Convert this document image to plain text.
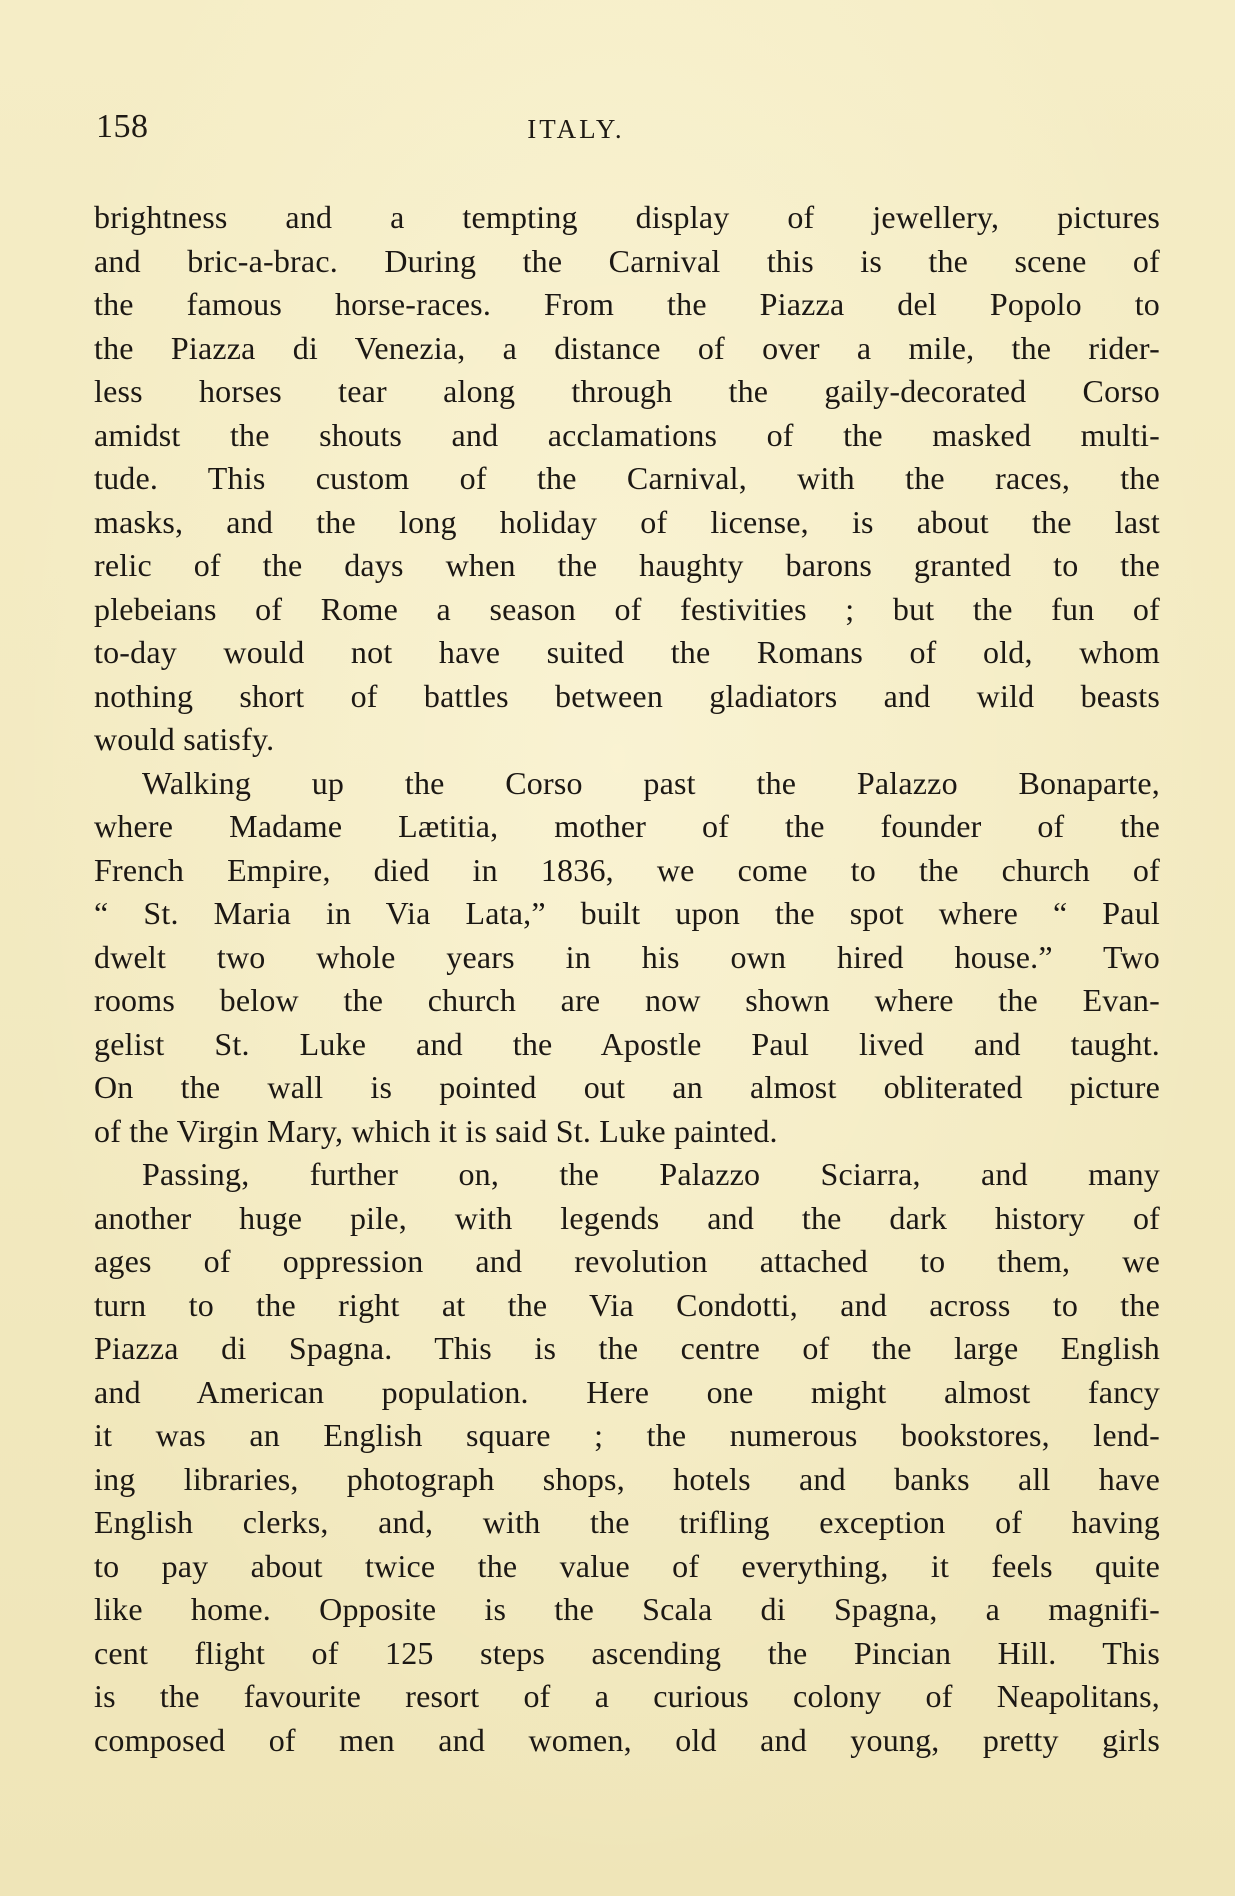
158	ITALY.
brightness and a tempting display of jewellery, pictures
and bric-a-brac. During the Carnival this is the scene of
the famous horse-races. From the Piazza del Popolo to
the Piazza di Venezia, a distance of over a mile, the rider-
less horses tear along through the gaily-decorated Corso
amidst the shouts and acclamations of the masked multi-
tude. This custom of the Carnival, with the races, the
masks, and the long holiday of license, is about the last
relic of the days when the haughty barons granted to the
plebeians of Rome a season of festivities ; but the fun of
to-day would not have suited the Romans of old, whom
nothing short of battles between gladiators and wild beasts
would satisfy.
Walking up the Corso past the Palazzo Bonaparte,
where Madame Lætitia, mother of the founder of the
French Empire, died in 1836, we come to the church of
“ St. Maria in Via Lata,” built upon the spot where “ Paul
dwelt two whole years in his own hired house.” Two
rooms below the church are now shown where the Evan-
gelist St. Luke and the Apostle Paul lived and taught.
On the wall is pointed out an almost obliterated picture
of the Virgin Mary, which it is said St. Luke painted.
Passing, further on, the Palazzo Sciarra, and many
another huge pile, with legends and the dark history of
ages of oppression and revolution attached to them, we
turn to the right at the Via Condotti, and across to the
Piazza di Spagna. This is the centre of the large English
and American population. Here one might almost fancy
it was an English square ; the numerous bookstores, lend-
ing libraries, photograph shops, hotels and banks all have
English clerks, and, with the trifling exception of having
to pay about twice the value of everything, it feels quite
like home. Opposite is the Scala di Spagna, a magnifi-
cent flight of 125 steps ascending the Pincian Hill. This
is the favourite resort of a curious colony of Neapolitans,
composed of men and women, old and young, pretty girls
